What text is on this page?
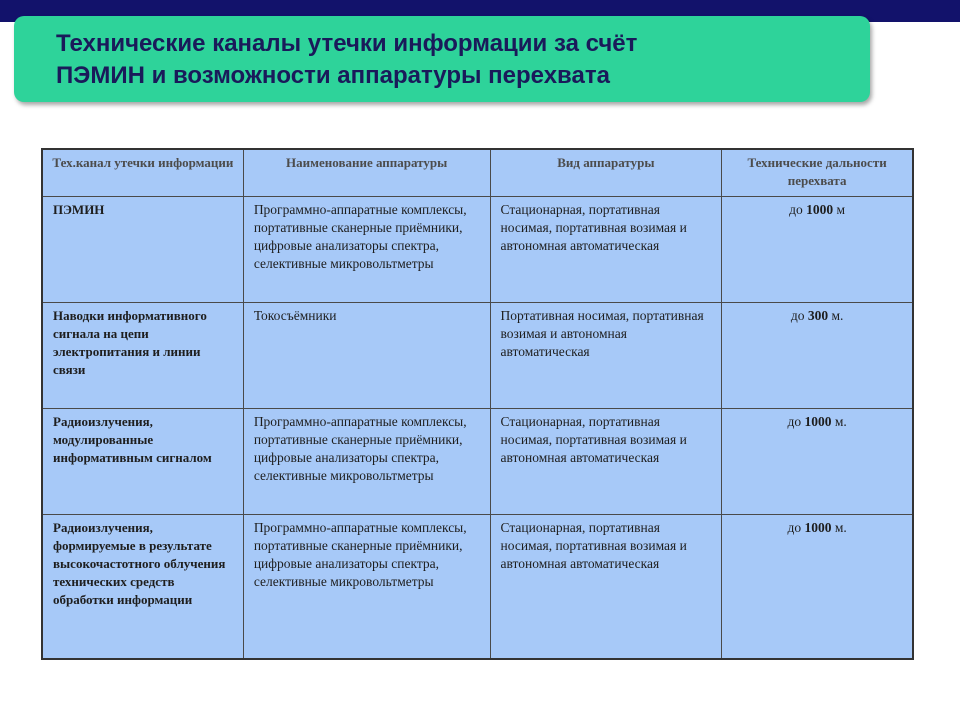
Технические каналы утечки информации за счёт
ПЭМИН и возможности аппаратуры перехвата
Тех.канал утечки информации	Наименование аппаратуры	Вид аппаратуры	Технические дальности перехвата
ПЭМИН	Программно-аппаратные комплексы, портативные сканерные приёмники, цифровые анализаторы спектра, селективные микровольтметры	Стационарная, портативная носимая, портативная возимая и автономная автоматическая	до 1000 м
Наводки информативного сигнала на цепи электропитания и линии связи	Токосъёмники	Портативная носимая, портативная возимая и автономная автоматическая	до 300 м.
Радиоизлучения, модулированные информативным сигналом	Программно-аппаратные комплексы, портативные сканерные приёмники, цифровые анализаторы спектра, селективные микровольтметры	Стационарная, портативная носимая, портативная возимая и автономная автоматическая	до 1000 м.
Радиоизлучения, формируемые в результате высокочастотного облучения технических средств обработки информации	Программно-аппаратные комплексы, портативные сканерные приёмники, цифровые анализаторы спектра, селективные микровольтметры	Стационарная, портативная носимая, портативная возимая и автономная автоматическая	до 1000 м.
